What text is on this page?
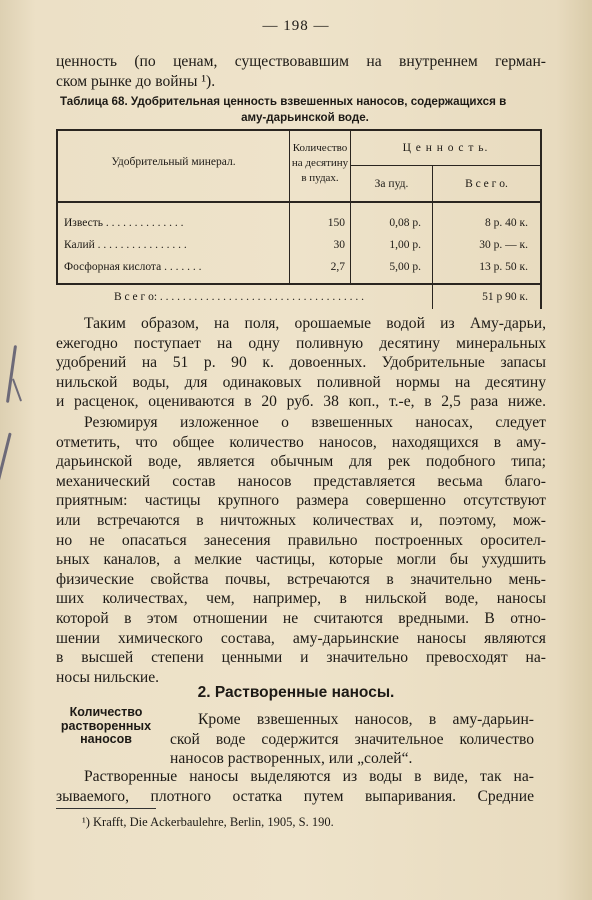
— 198 —

ценность (по ценам, существовавшим на внутреннем герман-
ском рынке до войны ¹).

Таблица 68. Удобрительная ценность взвешенных наносов, содержащихся в
аму-дарьинской воде.
Удобрительный минерал.
Количество
на десятину
в пудах.
Ц е н н о с т ь.
За пуд.	В с е г о.
Известь . . . . . . . . . . . . . .	150	0,08 р.	8 р. 40 к.
Калий . . . . . . . . . . . . . . . .	30	1,00 р.	30 р. — к.
Фосфорная кислота . . . . . . .	2,7	5,00 р.	13 р. 50 к.
В с е г о: . . . . . . . . . . . . . . . . . . . . . . . . . . . . . . . . . . . .	51 р 90 к.

Таким образом, на поля, орошаемые водой из Аму-дарьи,
ежегодно поступает на одну поливную десятину минеральных
удобрений на 51 р. 90 к. довоенных. Удобрительные запасы
нильской воды, для одинаковых поливной нормы на десятину
и расценок, оцениваются в 20 руб. 38 коп., т.-е, в 2,5 раза ниже.

Резюмируя изложенное о взвешенных наносах, следует
отметить, что общее количество наносов, находящихся в аму-
дарьинской воде, является обычным для рек подобного типа;
механический состав наносов представляется весьма благо-
приятным: частицы крупного размера совершенно отсутствуют
или встречаются в ничтожных количествах и, поэтому, мож-
но не опасаться занесения правильно построенных оросител-
ьных каналов, а мелкие частицы, которые могли бы ухудшить
физические свойства почвы, встречаются в значительно мень-
ших количествах, чем, например, в нильской воде, наносы
которой в этом отношении не считаются вредными. В отно-
шении химического состава, аму-дарьинские наносы являются
в высшей степени ценными и значительно превосходят на-
носы нильские.

2. Растворенные наносы.
Количество
растворенных
наносов

Кроме взвешенных наносов, в аму-дарьин-
ской воде содержится значительное количество
наносов растворенных, или „солей“.

Растворенные наносы выделяются из воды в виде, так на-
зываемого, плотного остатка путем выпаривания. Средние

¹) Krafft, Die Ackerbaulehre, Berlin, 1905, S. 190.
